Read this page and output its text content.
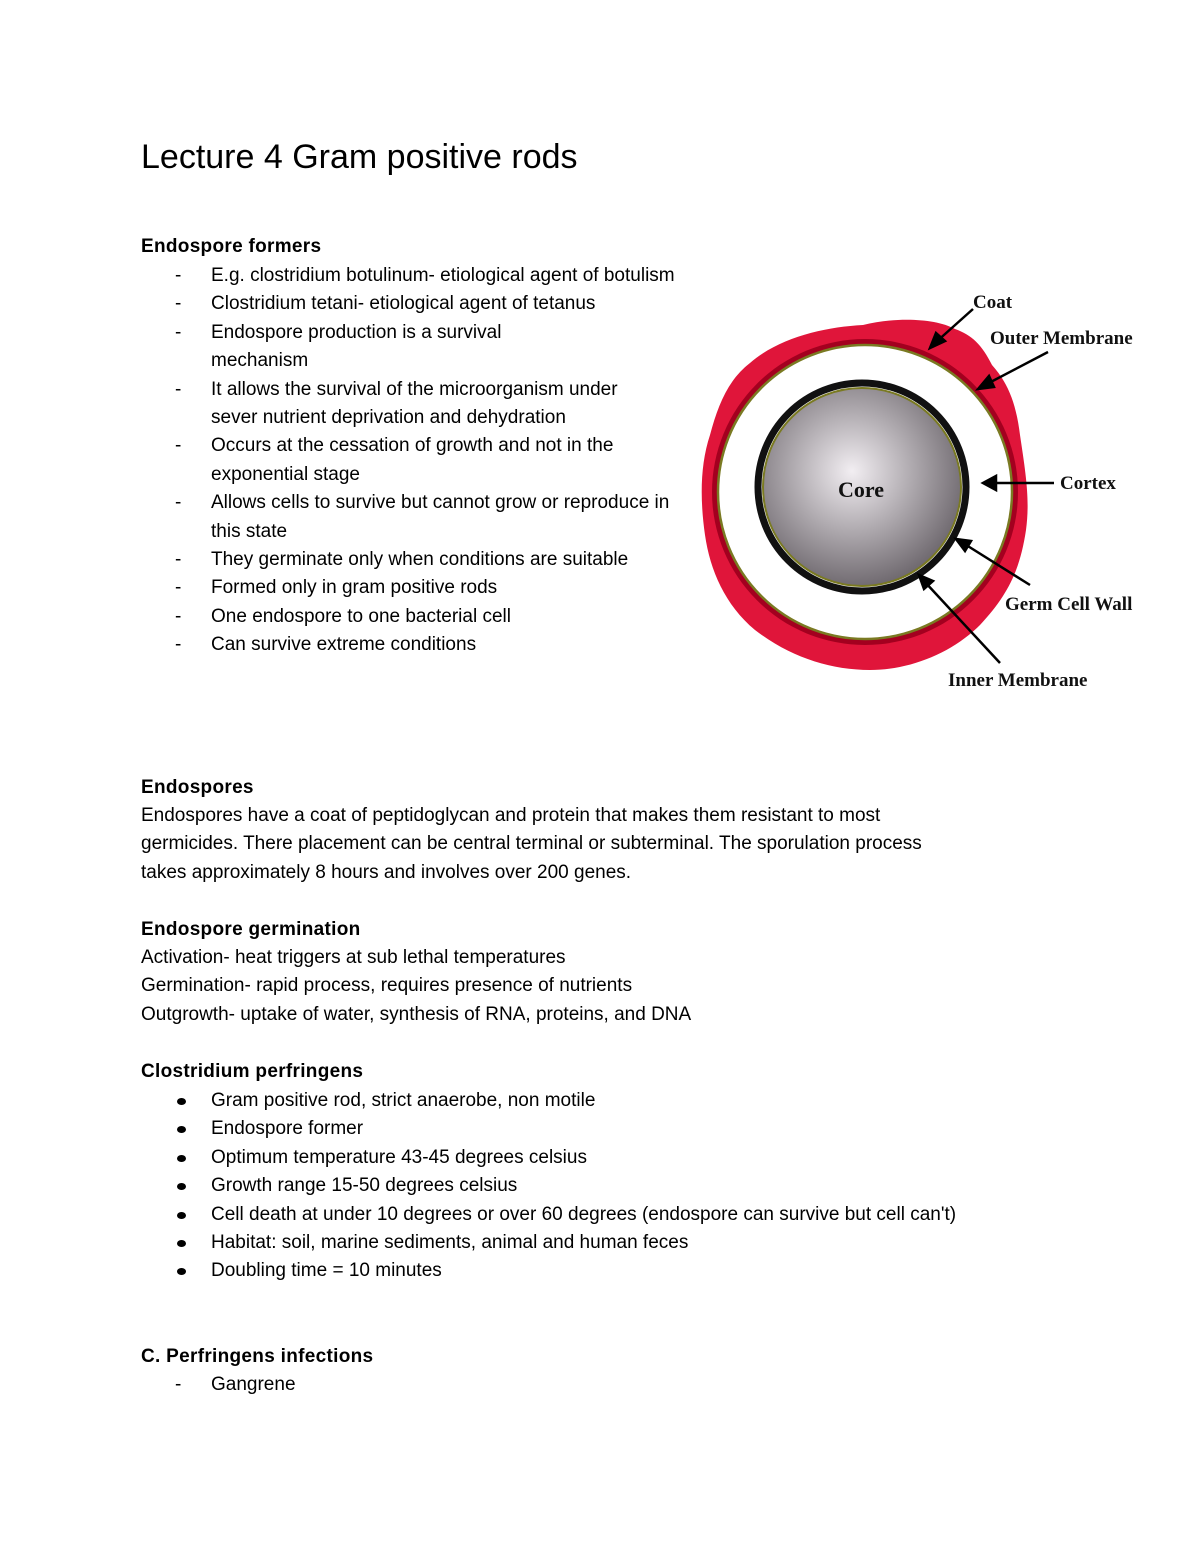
Lecture 4 Gram positive rods
Endospore formers
- E.g. clostridium botulinum- etiological agent of botulism
- Clostridium tetani- etiological agent of tetanus
- Endospore production is a survival mechanism
- It allows the survival of the microorganism under sever nutrient deprivation and dehydration
- Occurs at the cessation of growth and not in the exponential stage
- Allows cells to survive but cannot grow or reproduce in this state
- They germinate only when conditions are suitable
- Formed only in gram positive rods
- One endospore to one bacterial cell
- Can survive extreme conditions
Core
Coat
Outer Membrane
Cortex
Germ Cell Wall
Inner Membrane
Endospores

Endospores have a coat of peptidoglycan and protein that makes them resistant to most
germicides. There placement can be central terminal or subterminal. The sporulation process
takes approximately 8 hours and involves over 200 genes.

Endospore germination

Activation- heat triggers at sub lethal temperatures
Germination- rapid process, requires presence of nutrients
Outgrowth- uptake of water, synthesis of RNA, proteins, and DNA

Clostridium perfringens
Gram positive rod, strict anaerobe, non motile
Endospore former
Optimum temperature 43-45 degrees celsius
Growth range 15-50 degrees celsius
Cell death at under 10 degrees or over 60 degrees (endospore can survive but cell can't)
Habitat: soil, marine sediments, animal and human feces
Doubling time = 10 minutes
C. Perfringens infections
- Gangrene
